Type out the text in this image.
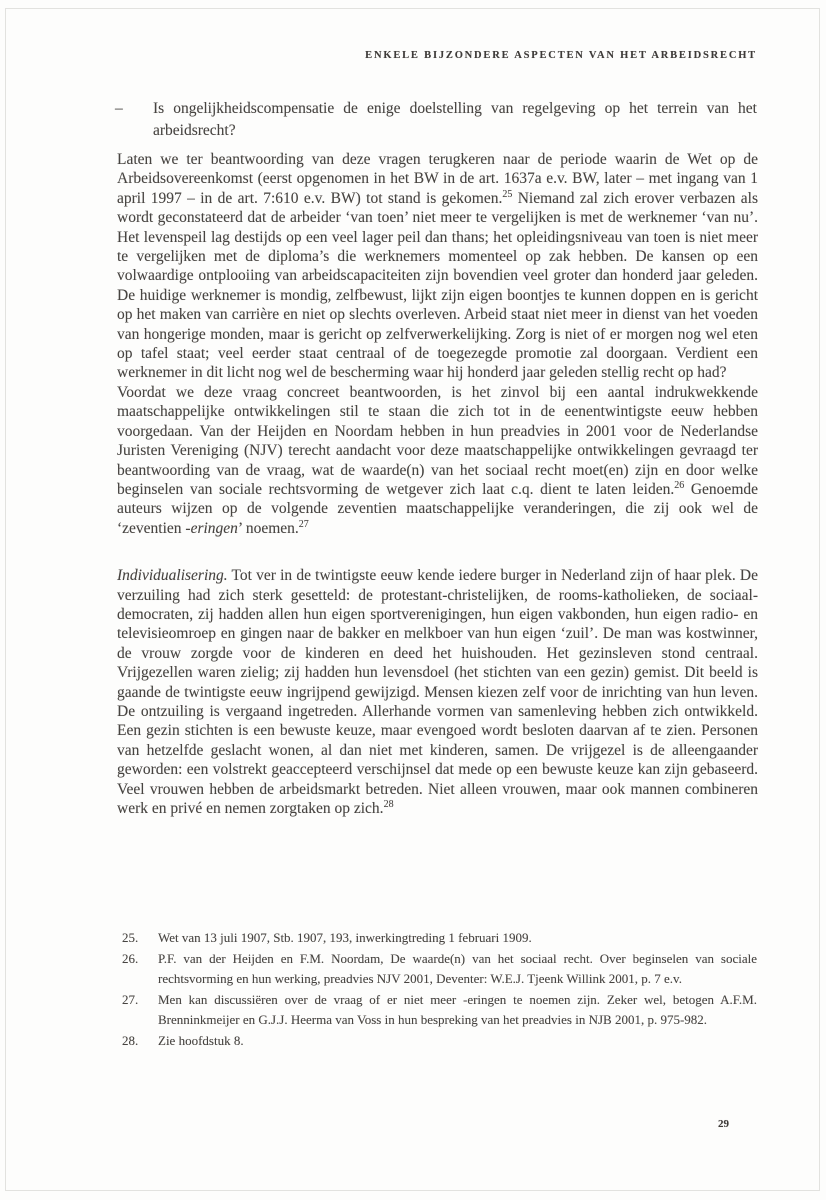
ENKELE BIJZONDERE ASPECTEN VAN HET ARBEIDSRECHT
–	Is ongelijkheidscompensatie de enige doelstelling van regelgeving op het terrein van het arbeidsrecht?

Laten we ter beantwoording van deze vragen terugkeren naar de periode waarin de Wet op de Arbeidsovereenkomst (eerst opgenomen in het BW in de art. 1637a e.v. BW, later – met ingang van 1 april 1997 – in de art. 7:610 e.v. BW) tot stand is gekomen.$^{25}$ Niemand zal zich erover verbazen als wordt geconstateerd dat de arbeider ‘van toen’ niet meer te vergelijken is met de werknemer ‘van nu’. Het levenspeil lag destijds op een veel lager peil dan thans; het opleidingsniveau van toen is niet meer te vergelijken met de diploma’s die werknemers momenteel op zak hebben. De kansen op een volwaardige ontplooiing van arbeidscapaciteiten zijn bovendien veel groter dan honderd jaar geleden. De huidige werknemer is mondig, zelfbewust, lijkt zijn eigen boontjes te kunnen doppen en is gericht op het maken van carrière en niet op slechts overleven. Arbeid staat niet meer in dienst van het voeden van hongerige monden, maar is gericht op zelfverwerkelijking. Zorg is niet of er morgen nog wel eten op tafel staat; veel eerder staat centraal of de toegezegde promotie zal doorgaan. Verdient een werknemer in dit licht nog wel de bescherming waar hij honderd jaar geleden stellig recht op had?

Voordat we deze vraag concreet beantwoorden, is het zinvol bij een aantal indrukwekkende maatschappelijke ontwikkelingen stil te staan die zich tot in de eenentwintigste eeuw hebben voorgedaan. Van der Heijden en Noordam hebben in hun preadvies in 2001 voor de Nederlandse Juristen Vereniging (NJV) terecht aandacht voor deze maatschappelijke ontwikkelingen gevraagd ter beantwoording van de vraag, wat de waarde(n) van het sociaal recht moet(en) zijn en door welke beginselen van sociale rechtsvorming de wetgever zich laat c.q. dient te laten leiden.$^{26}$ Genoemde auteurs wijzen op de volgende zeventien maatschappelijke veranderingen, die zij ook wel de ‘zeventien -eringen’ noemen.$^{27}$

Individualisering. Tot ver in de twintigste eeuw kende iedere burger in Nederland zijn of haar plek. De verzuiling had zich sterk gesetteld: de protestant-christelijken, de rooms-katholieken, de sociaal-democraten, zij hadden allen hun eigen sportverenigingen, hun eigen vakbonden, hun eigen radio- en televisieomroep en gingen naar de bakker en melkboer van hun eigen ‘zuil’. De man was kostwinner, de vrouw zorgde voor de kinderen en deed het huishouden. Het gezinsleven stond centraal. Vrijgezellen waren zielig; zij hadden hun levensdoel (het stichten van een gezin) gemist. Dit beeld is gaande de twintigste eeuw ingrijpend gewijzigd. Mensen kiezen zelf voor de inrichting van hun leven. De ontzuiling is vergaand ingetreden. Allerhande vormen van samenleving hebben zich ontwikkeld. Een gezin stichten is een bewuste keuze, maar evengoed wordt besloten daarvan af te zien. Personen van hetzelfde geslacht wonen, al dan niet met kinderen, samen. De vrijgezel is de alleengaander geworden: een volstrekt geaccepteerd verschijnsel dat mede op een bewuste keuze kan zijn gebaseerd. Veel vrouwen hebben de arbeidsmarkt betreden. Niet alleen vrouwen, maar ook mannen combineren werk en privé en nemen zorgtaken op zich.$^{28}$

25.	Wet van 13 juli 1907, Stb. 1907, 193, inwerkingtreding 1 februari 1909.
26.	P.F. van der Heijden en F.M. Noordam, De waarde(n) van het sociaal recht. Over beginselen van sociale rechtsvorming en hun werking, preadvies NJV 2001, Deventer: W.E.J. Tjeenk Willink 2001, p. 7 e.v.
27.	Men kan discussiëren over de vraag of er niet meer -eringen te noemen zijn. Zeker wel, betogen A.F.M. Brenninkmeijer en G.J.J. Heerma van Voss in hun bespreking van het preadvies in NJB 2001, p. 975-982.
28.	Zie hoofdstuk 8.
29
